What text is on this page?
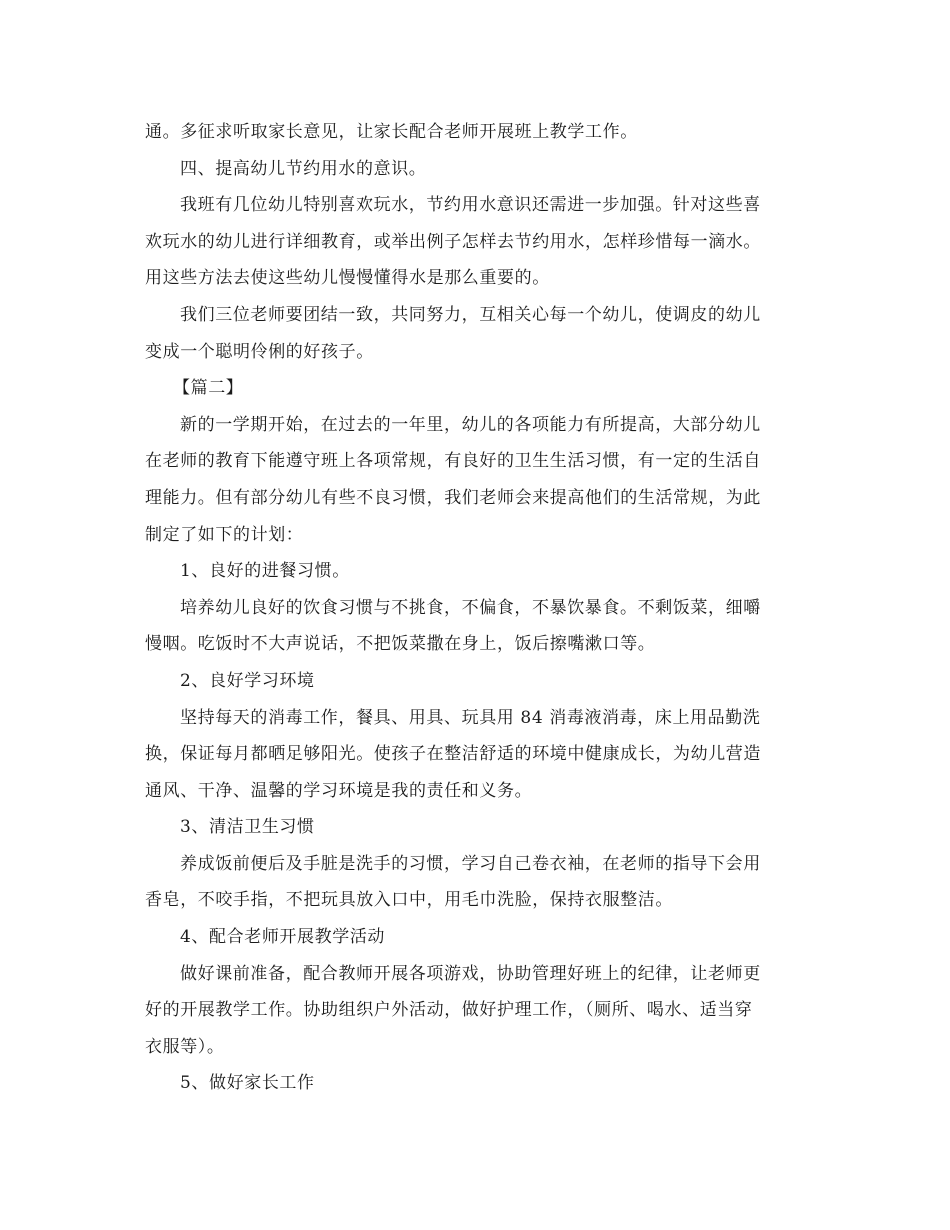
通。多征求听取家长意见，让家长配合老师开展班上教学工作。

四、提高幼儿节约用水的意识。

我班有几位幼儿特别喜欢玩水，节约用水意识还需进一步加强。针对这些喜

欢玩水的幼儿进行详细教育，或举出例子怎样去节约用水，怎样珍惜每一滴水。

用这些方法去使这些幼儿慢慢懂得水是那么重要的。

我们三位老师要团结一致，共同努力，互相关心每一个幼儿，使调皮的幼儿

变成一个聪明伶俐的好孩子。

【篇二】

新的一学期开始，在过去的一年里，幼儿的各项能力有所提高，大部分幼儿

在老师的教育下能遵守班上各项常规，有良好的卫生生活习惯，有一定的生活自

理能力。但有部分幼儿有些不良习惯，我们老师会来提高他们的生活常规，为此

制定了如下的计划：

1、良好的进餐习惯。

培养幼儿良好的饮食习惯与不挑食，不偏食，不暴饮暴食。不剩饭菜，细嚼

慢咽。吃饭时不大声说话，不把饭菜撒在身上，饭后擦嘴漱口等。

2、良好学习环境

坚持每天的消毒工作，餐具、用具、玩具用 84 消毒液消毒，床上用品勤洗

换，保证每月都晒足够阳光。使孩子在整洁舒适的环境中健康成长，为幼儿营造

通风、干净、温馨的学习环境是我的责任和义务。

3、清洁卫生习惯

养成饭前便后及手脏是洗手的习惯，学习自己卷衣袖，在老师的指导下会用

香皂，不咬手指，不把玩具放入口中，用毛巾洗脸，保持衣服整洁。

4、配合老师开展教学活动

做好课前准备，配合教师开展各项游戏，协助管理好班上的纪律，让老师更

好的开展教学工作。协助组织户外活动，做好护理工作，（厕所、喝水、适当穿

衣服等）。

5、做好家长工作
